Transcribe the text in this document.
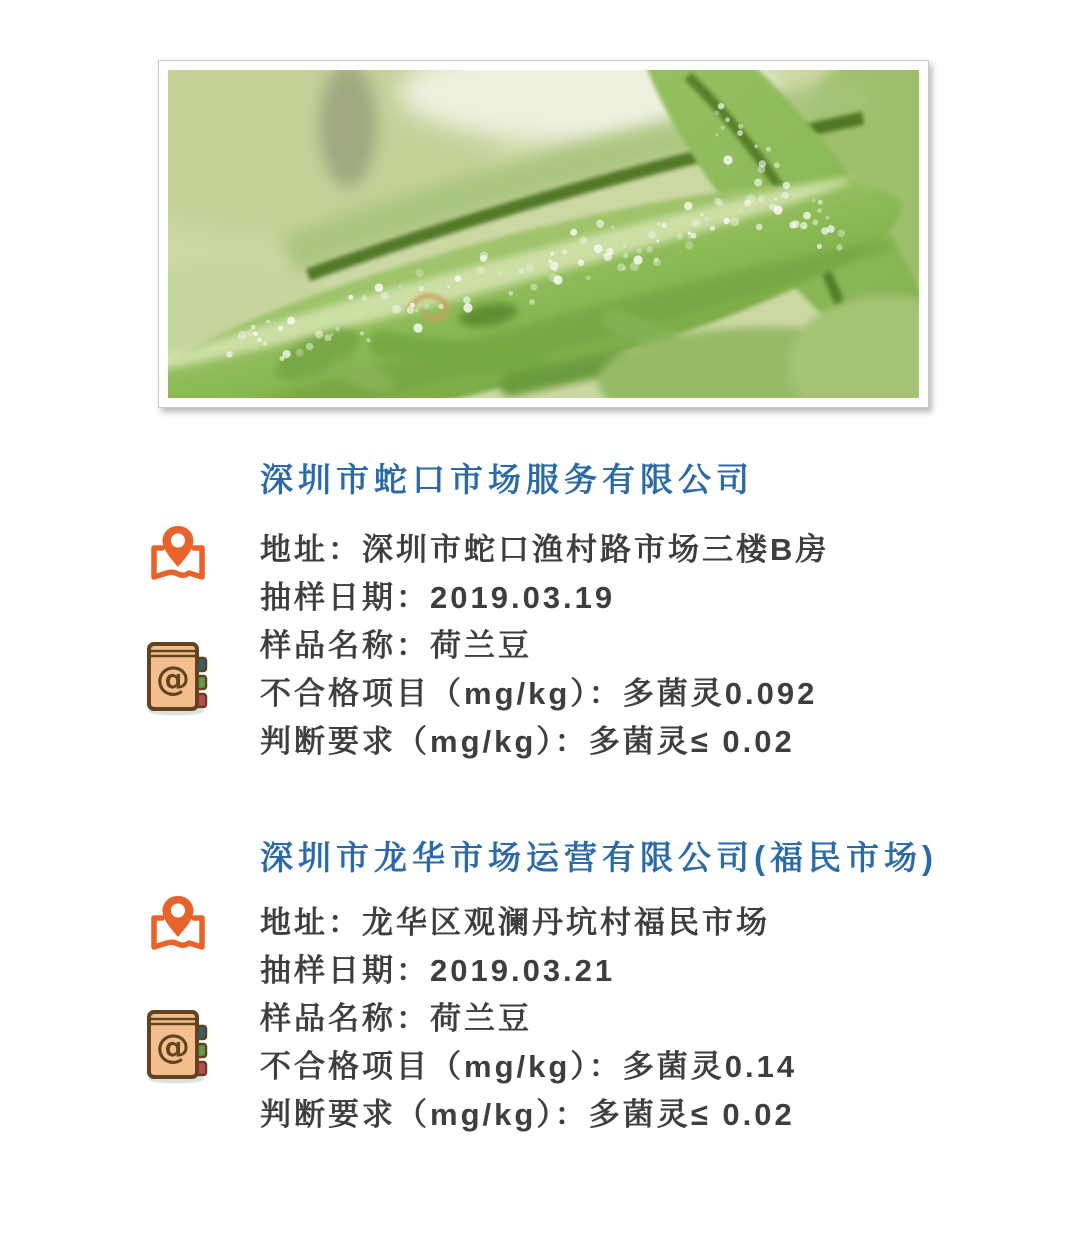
深圳市蛇口市场服务有限公司
地址：深圳市蛇口渔村路市场三楼B房
抽样日期：2019.03.19
@
样品名称：荷兰豆
不合格项目（mg/kg）：多菌灵0.092
判断要求（mg/kg）：多菌灵≤ 0.02
深圳市龙华市场运营有限公司(福民市场)
地址：龙华区观澜丹坑村福民市场
抽样日期：2019.03.21
@
样品名称：荷兰豆
不合格项目（mg/kg）：多菌灵0.14
判断要求（mg/kg）：多菌灵≤ 0.02
